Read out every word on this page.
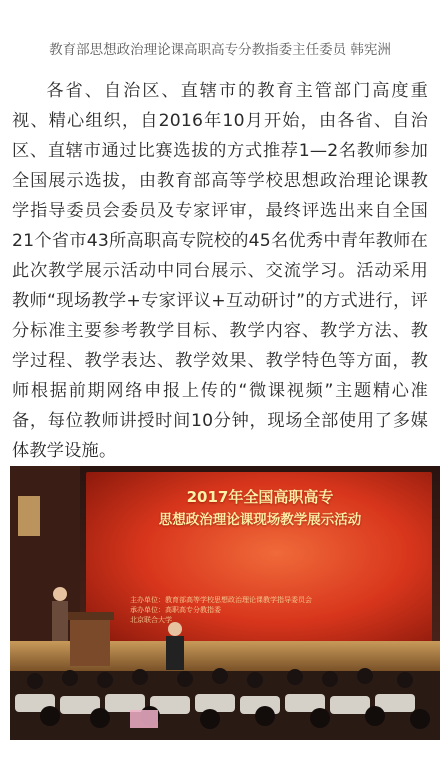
教育部思想政治理论课高职高专分教指委主任委员 韩宪洲
各省、自治区、直辖市的教育主管部门高度重视、精心组织，自2016年10月开始，由各省、自治区、直辖市通过比赛选拔的方式推荐1—2名教师参加全国展示选拔，由教育部高等学校思想政治理论课教学指导委员会委员及专家评审，最终评选出来自全国21个省市43所高职高专院校的45名优秀中青年教师在此次教学展示活动中同台展示、交流学习。活动采用教师“现场教学+专家评议+互动研讨”的方式进行，评分标准主要参考教学目标、教学内容、教学方法、教学过程、教学表达、教学效果、教学特色等方面，教师根据前期网络申报上传的“微课视频”主题精心准备，每位教师讲授时间10分钟，现场全部使用了多媒体教学设施。
2017年全国高职高专
思想政治理论课现场教学展示活动
主办单位：教育部高等学校思想政治理论课教学指导委员会
承办单位：高职高专分教指委
北京联合大学
